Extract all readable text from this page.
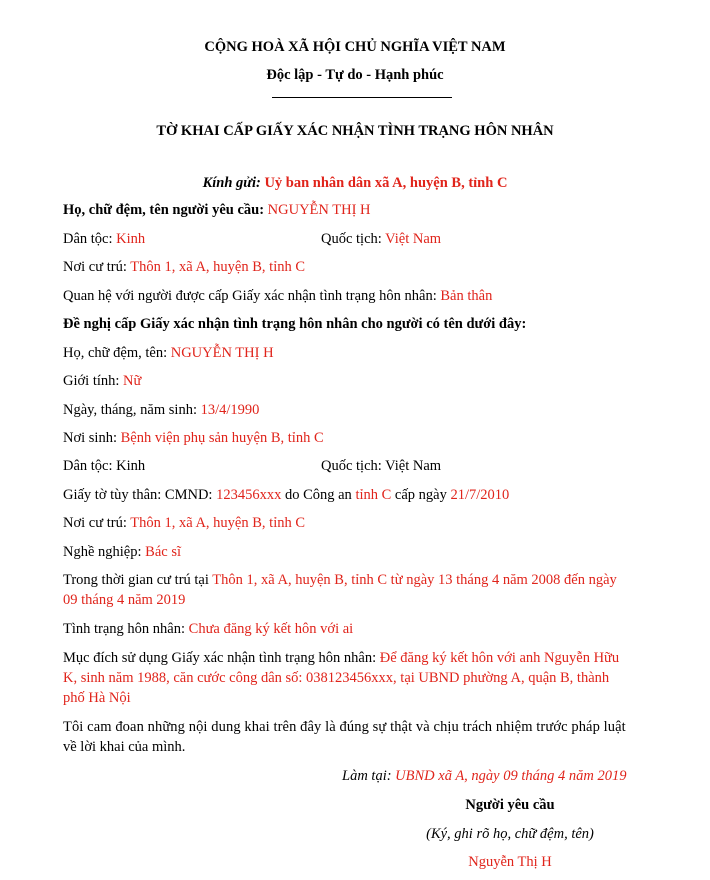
CỘNG HOÀ XÃ HỘI CHỦ NGHĨA VIỆT NAM
Độc lập - Tự do - Hạnh phúc
TỜ KHAI CẤP GIẤY XÁC NHẬN TÌNH TRẠNG HÔN NHÂN
Kính gửi: Uỷ ban nhân dân xã A, huyện B, tỉnh C
Họ, chữ đệm, tên người yêu cầu: NGUYỄN THỊ H
Dân tộc: Kinh	Quốc tịch: Việt Nam
Nơi cư trú: Thôn 1, xã A, huyện B, tỉnh C
Quan hệ với người được cấp Giấy xác nhận tình trạng hôn nhân: Bản thân
Đề nghị cấp Giấy xác nhận tình trạng hôn nhân cho người có tên dưới đây:
Họ, chữ đệm, tên: NGUYỄN THỊ H
Giới tính: Nữ
Ngày, tháng, năm sinh: 13/4/1990
Nơi sinh: Bệnh viện phụ sản huyện B, tỉnh C
Dân tộc: Kinh	Quốc tịch: Việt Nam
Giấy tờ tùy thân: CMND: 123456xxx do Công an tỉnh C cấp ngày 21/7/2010
Nơi cư trú: Thôn 1, xã A, huyện B, tỉnh C
Nghề nghiệp: Bác sĩ
Trong thời gian cư trú tại Thôn 1, xã A, huyện B, tỉnh C từ ngày 13 tháng 4 năm 2008 đến ngày
09 tháng 4 năm 2019
Tình trạng hôn nhân: Chưa đăng ký kết hôn với ai
Mục đích sử dụng Giấy xác nhận tình trạng hôn nhân: Để đăng ký kết hôn với anh Nguyễn Hữu
K, sinh năm 1988, căn cước công dân số: 038123456xxx, tại UBND phường A, quận B, thành
phố Hà Nội
Tôi cam đoan những nội dung khai trên đây là đúng sự thật và chịu trách nhiệm trước pháp luật
về lời khai của mình.
Làm tại: UBND xã A, ngày 09 tháng 4 năm 2019
Người yêu cầu
(Ký, ghi rõ họ, chữ đệm, tên)
Nguyễn Thị H
